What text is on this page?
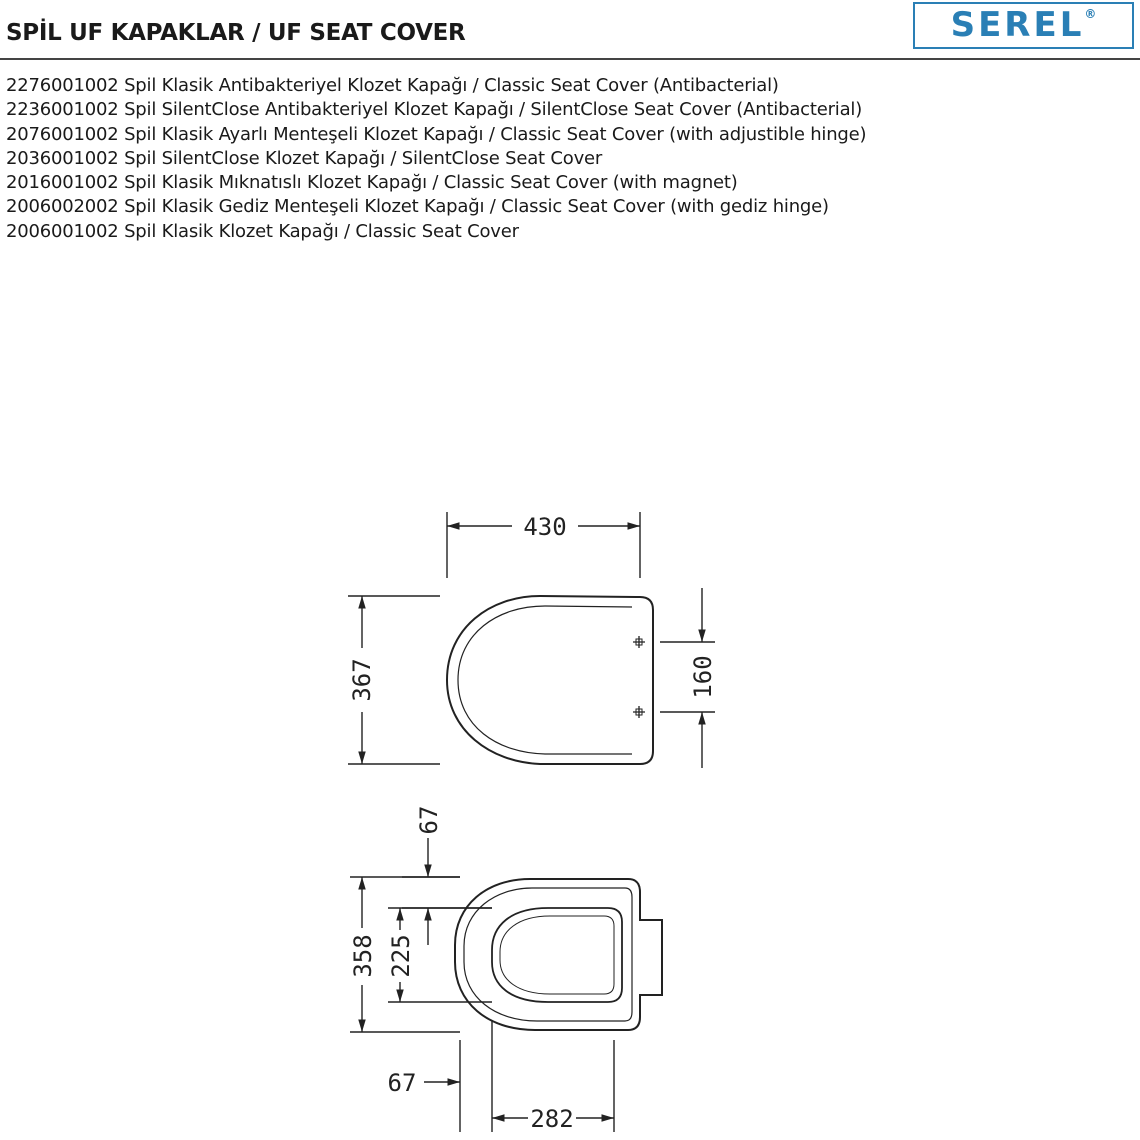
SPİL UF KAPAKLAR / UF SEAT COVER	SEREL®
2276001002 Spil Klasik Antibakteriyel Klozet Kapağı / Classic Seat Cover (Antibacterial)
2236001002 Spil SilentClose Antibakteriyel Klozet Kapağı / SilentClose Seat Cover (Antibacterial)
2076001002 Spil Klasik Ayarlı Menteşeli Klozet Kapağı / Classic Seat Cover (with adjustible hinge)
2036001002 Spil SilentClose Klozet Kapağı / SilentClose Seat Cover
2016001002 Spil Klasik Mıknatıslı Klozet Kapağı / Classic Seat Cover (with magnet)
2006002002 Spil Klasik Gediz Menteşeli Klozet Kapağı / Classic Seat Cover (with gediz hinge)
2006001002 Spil Klasik Klozet Kapağı / Classic Seat Cover
430
367	160
67
358 225
67
282
